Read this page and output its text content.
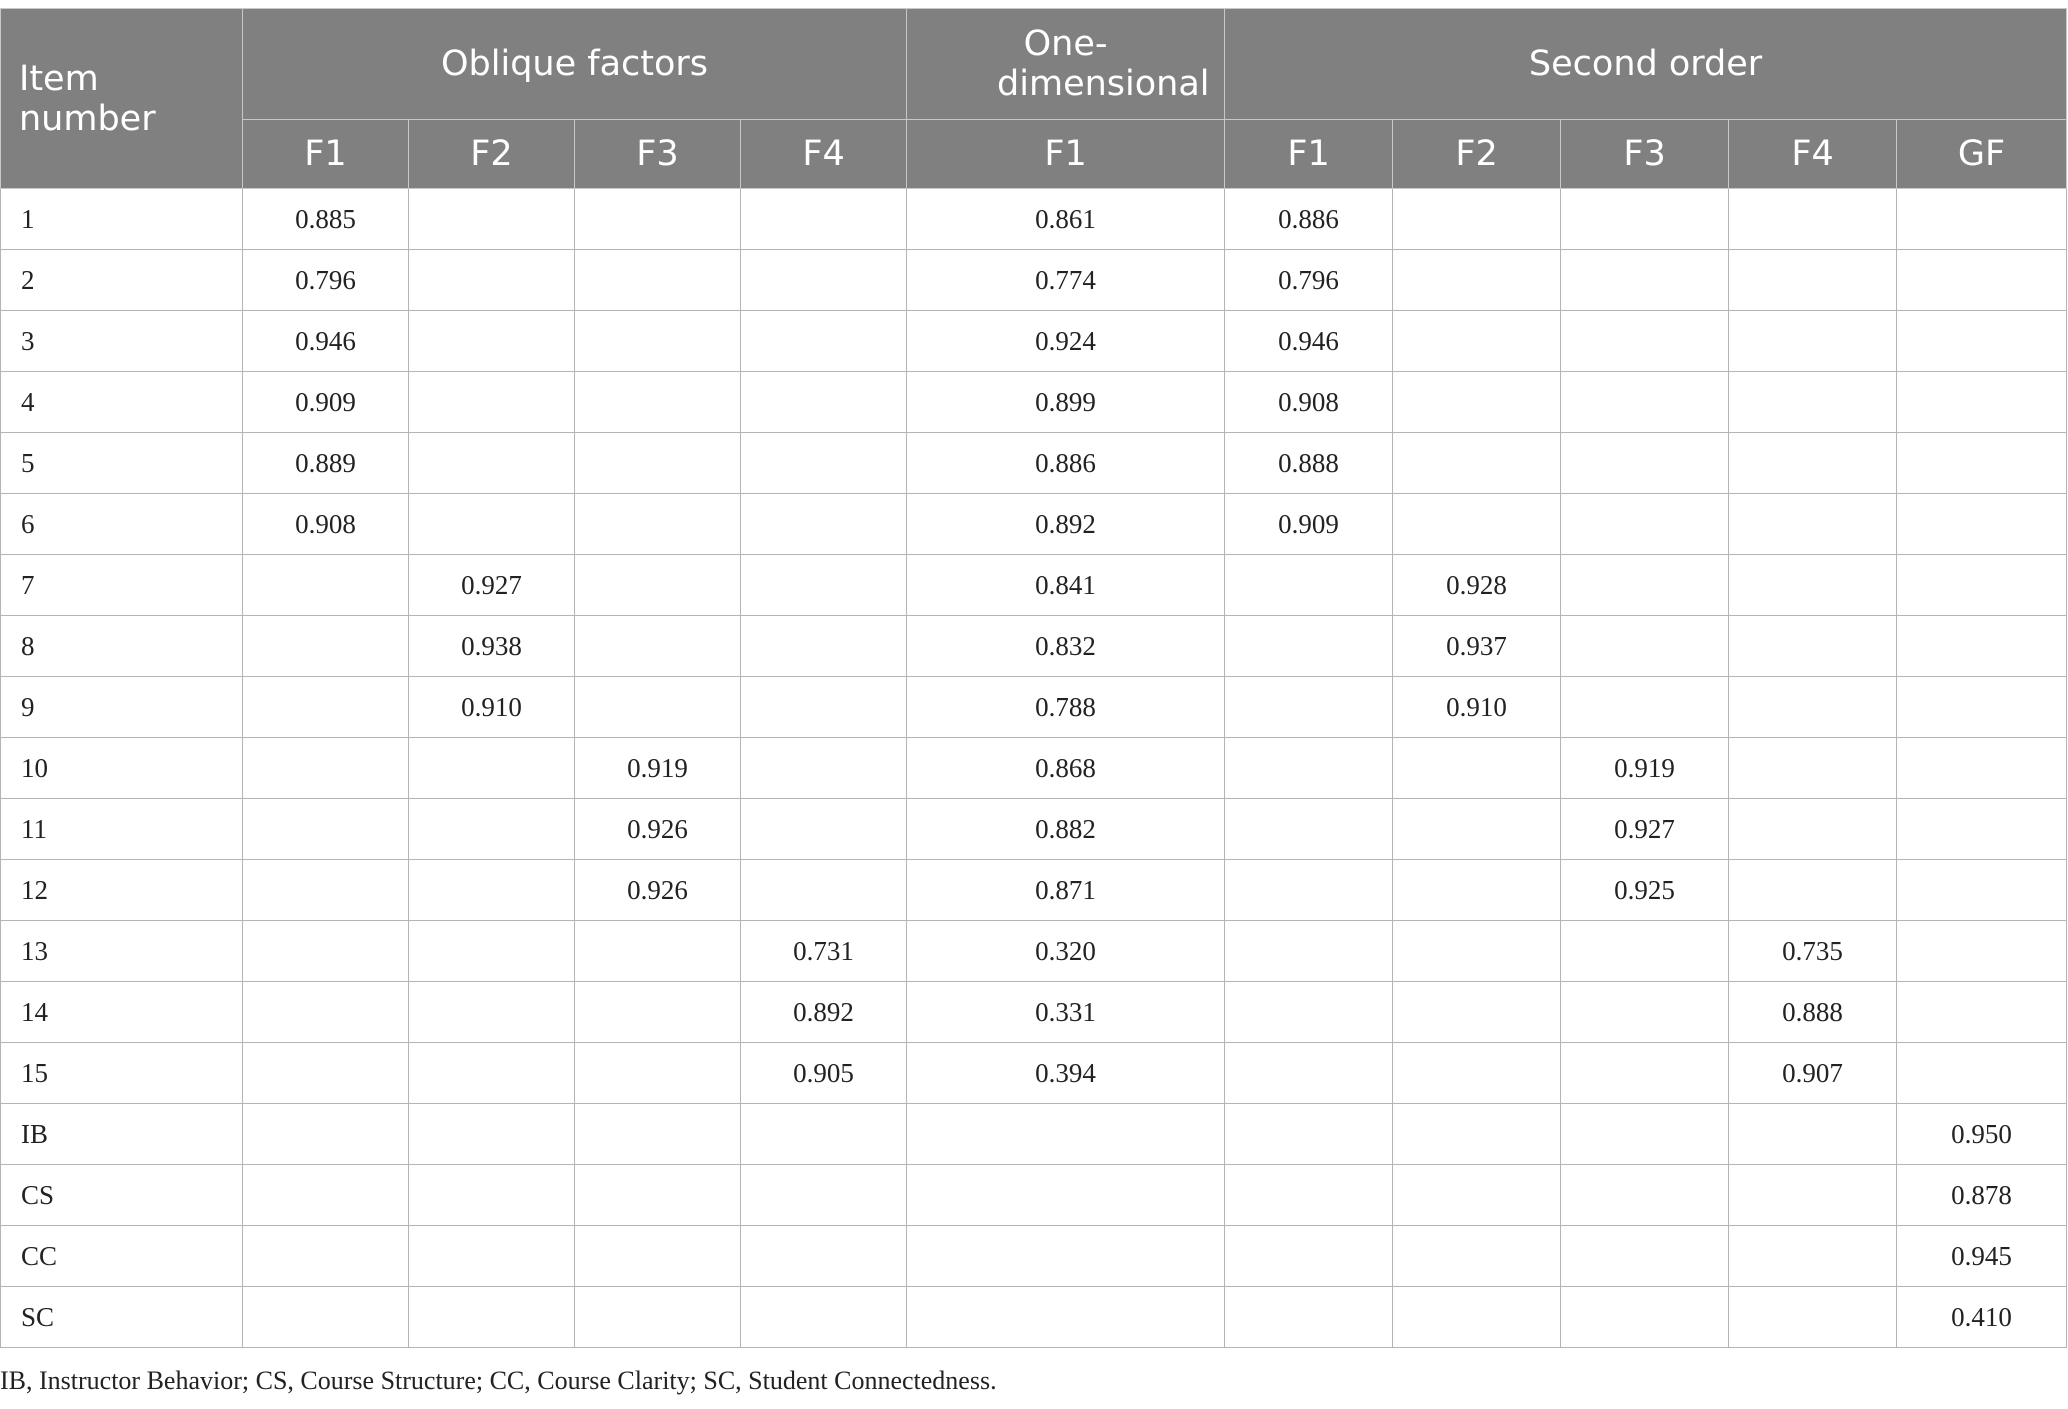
Item number	Oblique factors				One-dimensional	Second order				
	F1	F2	F3	F4	F1	F1	F2	F3	F4	GF
1	0.885				0.861	0.886				
2	0.796				0.774	0.796				
3	0.946				0.924	0.946				
4	0.909				0.899	0.908				
5	0.889				0.886	0.888				
6	0.908				0.892	0.909				
7		0.927			0.841		0.928			
8		0.938			0.832		0.937			
9		0.910			0.788		0.910			
10			0.919		0.868			0.919		
11			0.926		0.882			0.927		
12			0.926		0.871			0.925		
13				0.731	0.320				0.735	
14				0.892	0.331				0.888	
15				0.905	0.394				0.907	
IB										0.950
CS										0.878
CC										0.945
SC										0.410
IB, Instructor Behavior; CS, Course Structure; CC, Course Clarity; SC, Student Connectedness.
